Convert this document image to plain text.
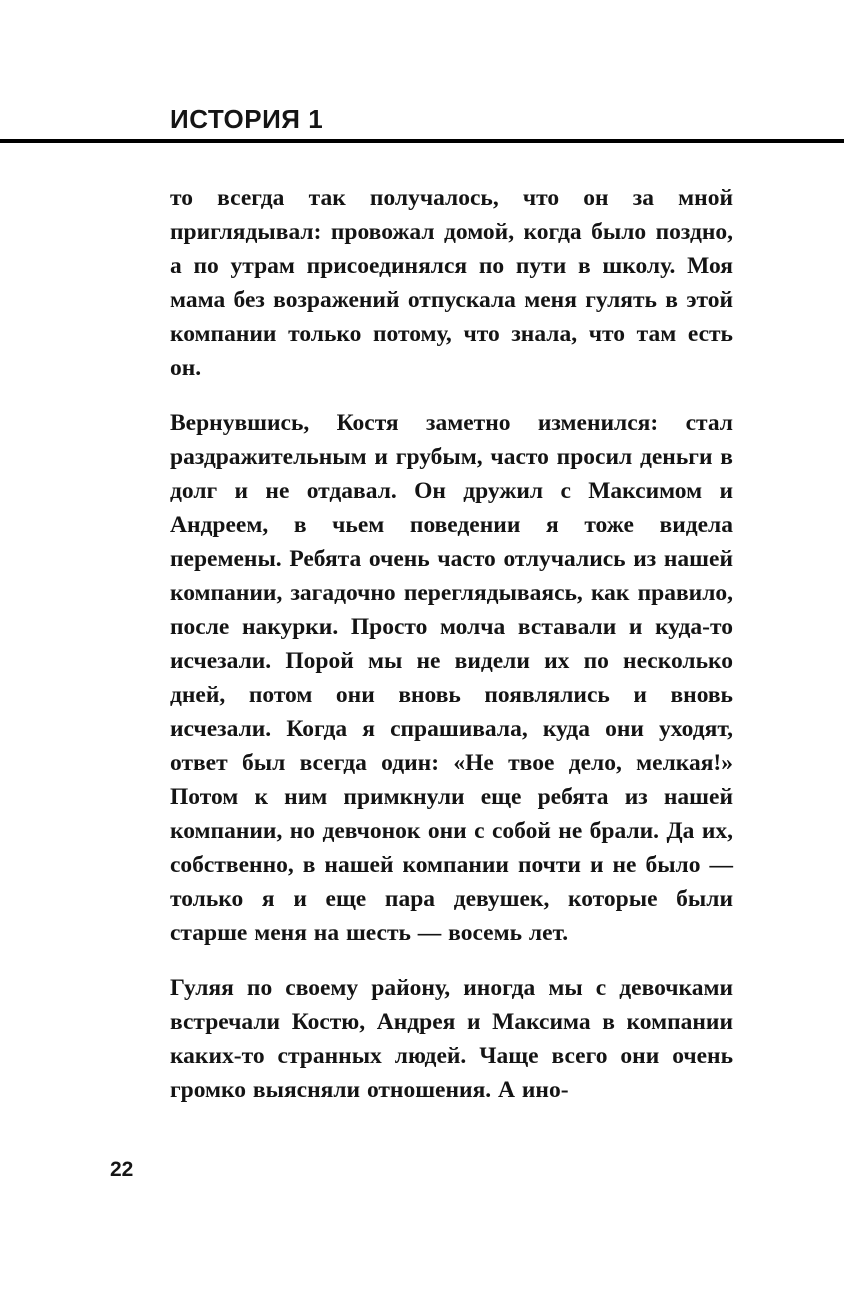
ИСТОРИЯ 1

то всегда так получалось, что он за мной приглядывал: провожал домой, когда было поздно, а по утрам присоединялся по пути в школу. Моя мама без возражений отпускала меня гулять в этой компании только потому, что знала, что там есть он.

Вернувшись, Костя заметно изменился: стал раздражительным и грубым, часто просил деньги в долг и не отдавал. Он дружил с Максимом и Андреем, в чьем поведении я тоже видела перемены. Ребята очень часто отлучались из нашей компании, загадочно переглядываясь, как правило, после накурки. Просто молча вставали и куда-то исчезали. Порой мы не видели их по несколько дней, потом они вновь появлялись и вновь исчезали. Когда я спрашивала, куда они уходят, ответ был всегда один: «Не твое дело, мелкая!» Потом к ним примкнули еще ребята из нашей компании, но девчонок они с собой не брали. Да их, собственно, в нашей компании почти и не было — только я и еще пара девушек, которые были старше меня на шесть — восемь лет.

Гуляя по своему району, иногда мы с девочками встречали Костю, Андрея и Максима в компании каких-то странных людей. Чаще всего они очень громко выясняли отношения. А ино-

22
